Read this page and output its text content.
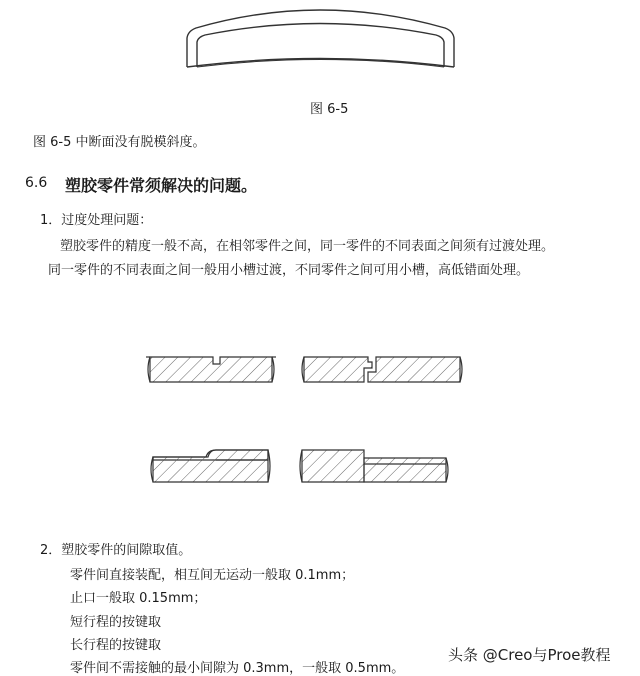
图 6-5
图 6-5 中断面没有脱模斜度。
6.6 塑胶零件常须解决的问题。
1．过度处理问题：
塑胶零件的精度一般不高，在相邻零件之间，同一零件的不同表面之间须有过渡处理。
同一零件的不同表面之间一般用小槽过渡，不同零件之间可用小槽，高低错面处理。
2．塑胶零件的间隙取值。
零件间直接装配，相互间无运动一般取 0.1mm；
止口一般取 0.15mm；
短行程的按键取
长行程的按键取
零件间不需接触的最小间隙为 0.3mm，一般取 0.5mm。
头条 @Creo与Proe教程
